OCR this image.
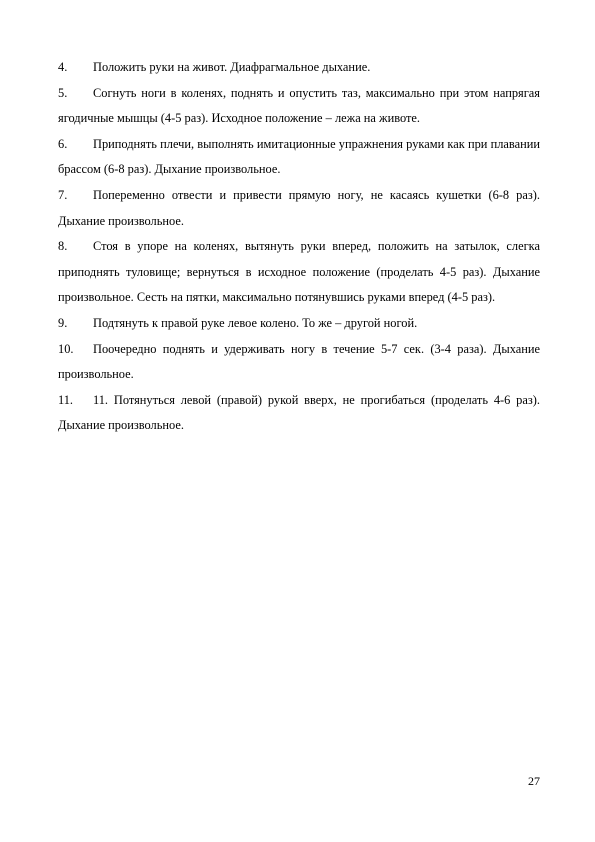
4. Положить руки на живот. Диафрагмальное дыхание.

5. Согнуть ноги в коленях, поднять и опустить таз, максимально при этом напрягая ягодичные мышцы (4-5 раз). Исходное положение – лежа на животе.

6. Приподнять плечи, выполнять имитационные упражнения руками как при плавании брассом (6-8 раз). Дыхание произвольное.

7. Попеременно отвести и привести прямую ногу, не касаясь кушетки (6-8 раз). Дыхание произвольное.

8. Стоя в упоре на коленях, вытянуть руки вперед, положить на затылок, слегка приподнять туловище; вернуться в исходное положение (проделать 4-5 раз). Дыхание произвольное. Сесть на пятки, максимально потянувшись руками вперед (4-5 раз).

9. Подтянуть к правой руке левое колено. То же – другой ногой.

10. Поочередно поднять и удерживать ногу в течение 5-7 сек. (3-4 раза). Дыхание произвольное.

11. 11. Потянуться левой (правой) рукой вверх, не прогибаться (проделать 4-6 раз). Дыхание произвольное.

27
